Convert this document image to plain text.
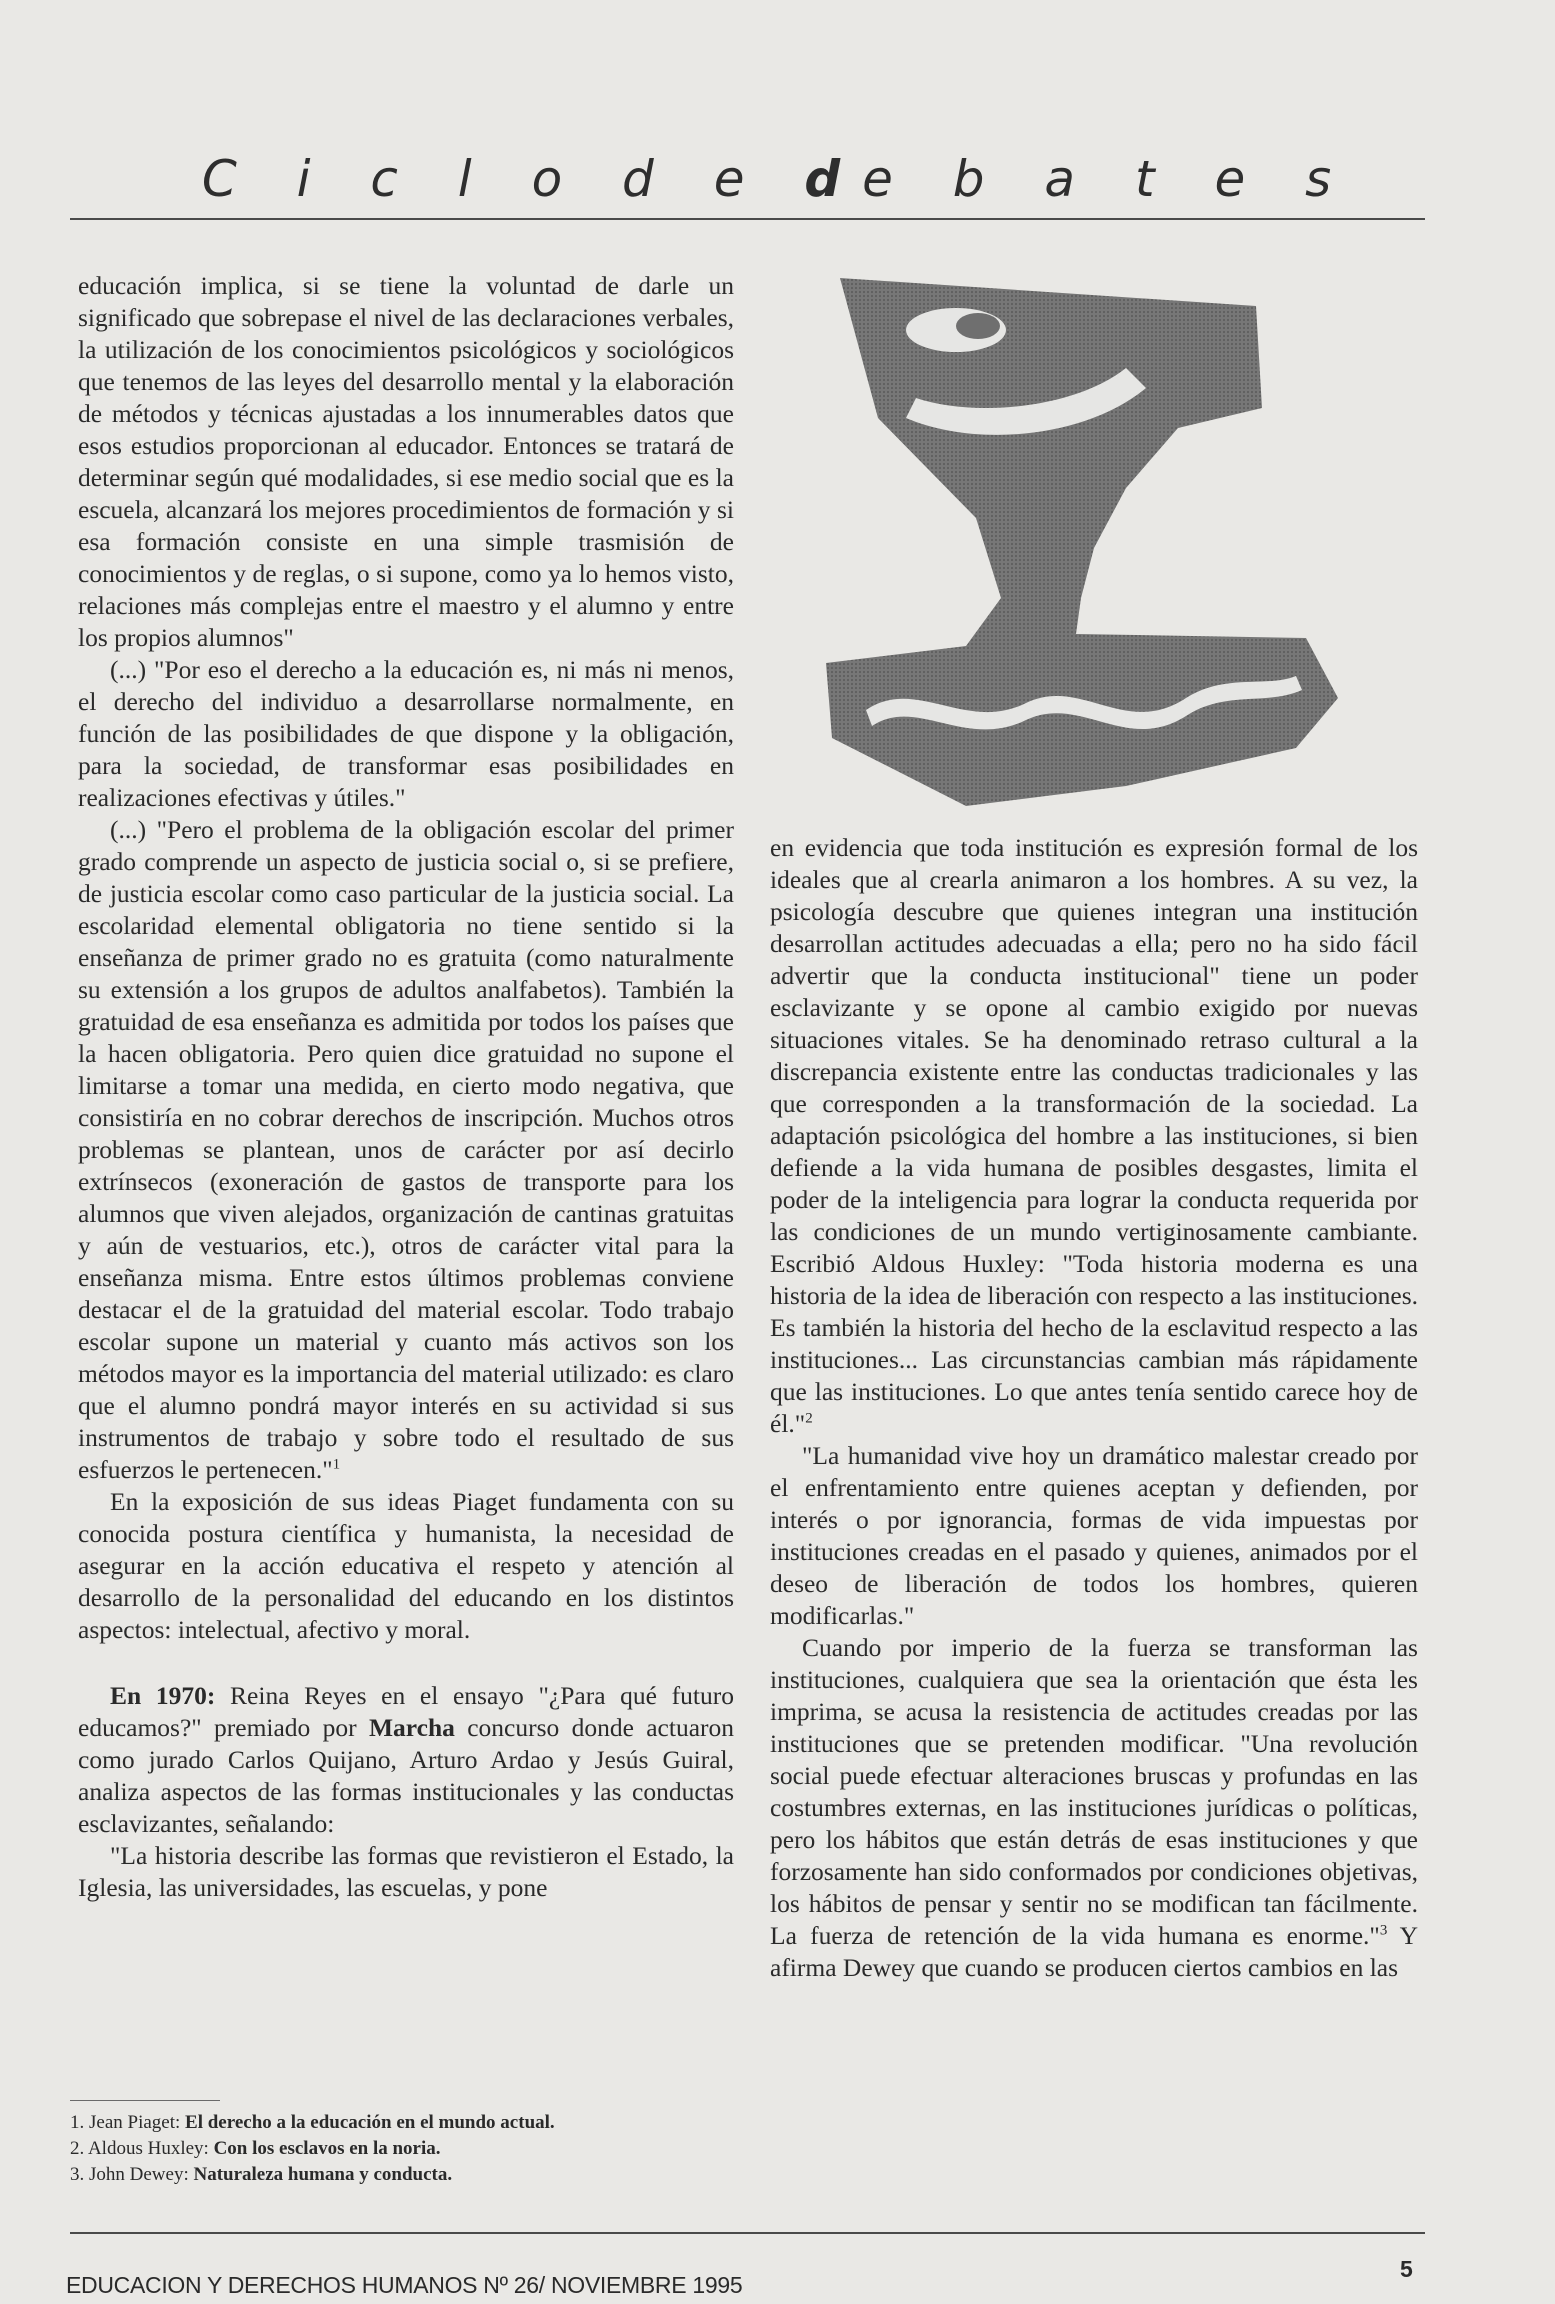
C i c l o d e de b a t e s

educación implica, si se tiene la voluntad de darle un significado que sobrepase el nivel de las declaraciones verbales, la utilización de los conocimientos psicológicos y sociológicos que tenemos de las leyes del desarrollo mental y la elaboración de métodos y técnicas ajustadas a los innumerables datos que esos estudios proporcionan al educador. Entonces se tratará de determinar según qué modalidades, si ese medio social que es la escuela, alcanzará los mejores procedimientos de formación y si esa formación consiste en una simple trasmisión de conocimientos y de reglas, o si supone, como ya lo hemos visto, relaciones más complejas entre el maestro y el alumno y entre los propios alumnos"

(...) "Por eso el derecho a la educación es, ni más ni menos, el derecho del individuo a desarrollarse normalmente, en función de las posibilidades de que dispone y la obligación, para la sociedad, de transformar esas posibilidades en realizaciones efectivas y útiles."

(...) "Pero el problema de la obligación escolar del primer grado comprende un aspecto de justicia social o, si se prefiere, de justicia escolar como caso particular de la justicia social. La escolaridad elemental obligatoria no tiene sentido si la enseñanza de primer grado no es gratuita (como naturalmente su extensión a los grupos de adultos analfabetos). También la gratuidad de esa enseñanza es admitida por todos los países que la hacen obligatoria. Pero quien dice gratuidad no supone el limitarse a tomar una medida, en cierto modo negativa, que consistiría en no cobrar derechos de inscripción. Muchos otros problemas se plantean, unos de carácter por así decirlo extrínsecos (exoneración de gastos de transporte para los alumnos que viven alejados, organización de cantinas gratuitas y aún de vestuarios, etc.), otros de carácter vital para la enseñanza misma. Entre estos últimos problemas conviene destacar el de la gratuidad del material escolar. Todo trabajo escolar supone un material y cuanto más activos son los métodos mayor es la importancia del material utilizado: es claro que el alumno pondrá mayor interés en su actividad si sus instrumentos de trabajo y sobre todo el resultado de sus esfuerzos le pertenecen."$^1$

En la exposición de sus ideas Piaget fundamenta con su conocida postura científica y humanista, la necesidad de asegurar en la acción educativa el respeto y atención al desarrollo de la personalidad del educando en los distintos aspectos: intelectual, afectivo y moral.

En 1970: Reina Reyes en el ensayo "¿Para qué futuro educamos?" premiado por Marcha concurso donde actuaron como jurado Carlos Quijano, Arturo Ardao y Jesús Guiral, analiza aspectos de las formas institucionales y las conductas esclavizantes, señalando:

"La historia describe las formas que revistieron el Estado, la Iglesia, las universidades, las escuelas, y pone

en evidencia que toda institución es expresión formal de los ideales que al crearla animaron a los hombres. A su vez, la psicología descubre que quienes integran una institución desarrollan actitudes adecuadas a ella; pero no ha sido fácil advertir que la conducta institucional" tiene un poder esclavizante y se opone al cambio exigido por nuevas situaciones vitales. Se ha denominado retraso cultural a la discrepancia existente entre las conductas tradicionales y las que corresponden a la transformación de la sociedad. La adaptación psicológica del hombre a las instituciones, si bien defiende a la vida humana de posibles desgastes, limita el poder de la inteligencia para lograr la conducta requerida por las condiciones de un mundo vertiginosamente cambiante. Escribió Aldous Huxley: "Toda historia moderna es una historia de la idea de liberación con respecto a las instituciones. Es también la historia del hecho de la esclavitud respecto a las instituciones... Las circunstancias cambian más rápidamente que las instituciones. Lo que antes tenía sentido carece hoy de él."$^2$

"La humanidad vive hoy un dramático malestar creado por el enfrentamiento entre quienes aceptan y defienden, por interés o por ignorancia, formas de vida impuestas por instituciones creadas en el pasado y quienes, animados por el deseo de liberación de todos los hombres, quieren modificarlas."

Cuando por imperio de la fuerza se transforman las instituciones, cualquiera que sea la orientación que ésta les imprima, se acusa la resistencia de actitudes creadas por las instituciones que se pretenden modificar. "Una revolución social puede efectuar alteraciones bruscas y profundas en las costumbres externas, en las instituciones jurídicas o políticas, pero los hábitos que están detrás de esas instituciones y que forzosamente han sido conformados por condiciones objetivas, los hábitos de pensar y sentir no se modifican tan fácilmente. La fuerza de retención de la vida humana es enorme."$^3$ Y afirma Dewey que cuando se producen ciertos cambios en las

1. Jean Piaget: El derecho a la educación en el mundo actual.
2. Aldous Huxley: Con los esclavos en la noria.
3. John Dewey: Naturaleza humana y conducta.
EDUCACION Y DERECHOS HUMANOS Nº 26/ NOVIEMBRE 1995
5
